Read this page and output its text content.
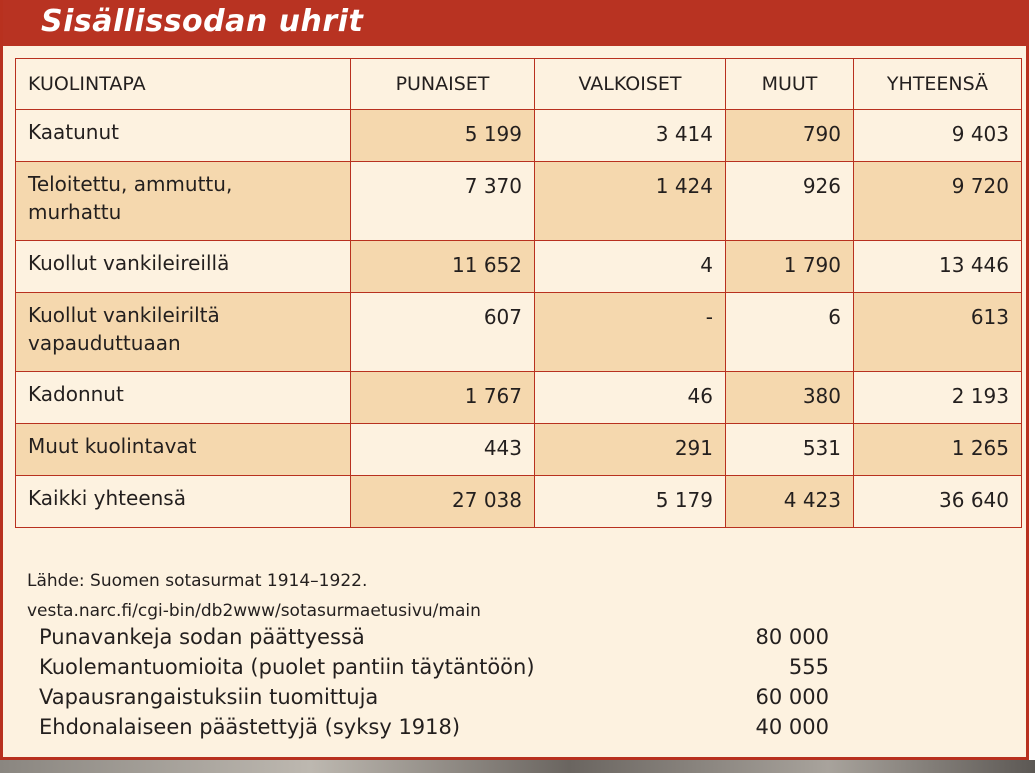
Sisällissodan uhrit
KUOLINTAPA	PUNAISET	VALKOISET	MUUT	YHTEENSÄ
Kaatunut	5 199	3 414	790	9 403
Teloitettu, ammuttu,
murhattu	7 370	1 424	926	9 720
Kuollut vankileireillä	11 652	4	1 790	13 446
Kuollut vankileiriltä
vapauduttuaan	607	-	6	613
Kadonnut	1 767	46	380	2 193
Muut kuolintavat	443	291	531	1 265
Kaikki yhteensä	27 038	5 179	4 423	36 640
Lähde: Suomen sotasurmat 1914–1922.
vesta.narc.fi/cgi-bin/db2www/sotasurmaetusivu/main
Punavankeja sodan päättyessä	80 000
Kuolemantuomioita (puolet pantiin täytäntöön)	555
Vapausrangaistuksiin tuomittuja	60 000
Ehdonalaiseen päästettyjä (syksy 1918)	40 000
